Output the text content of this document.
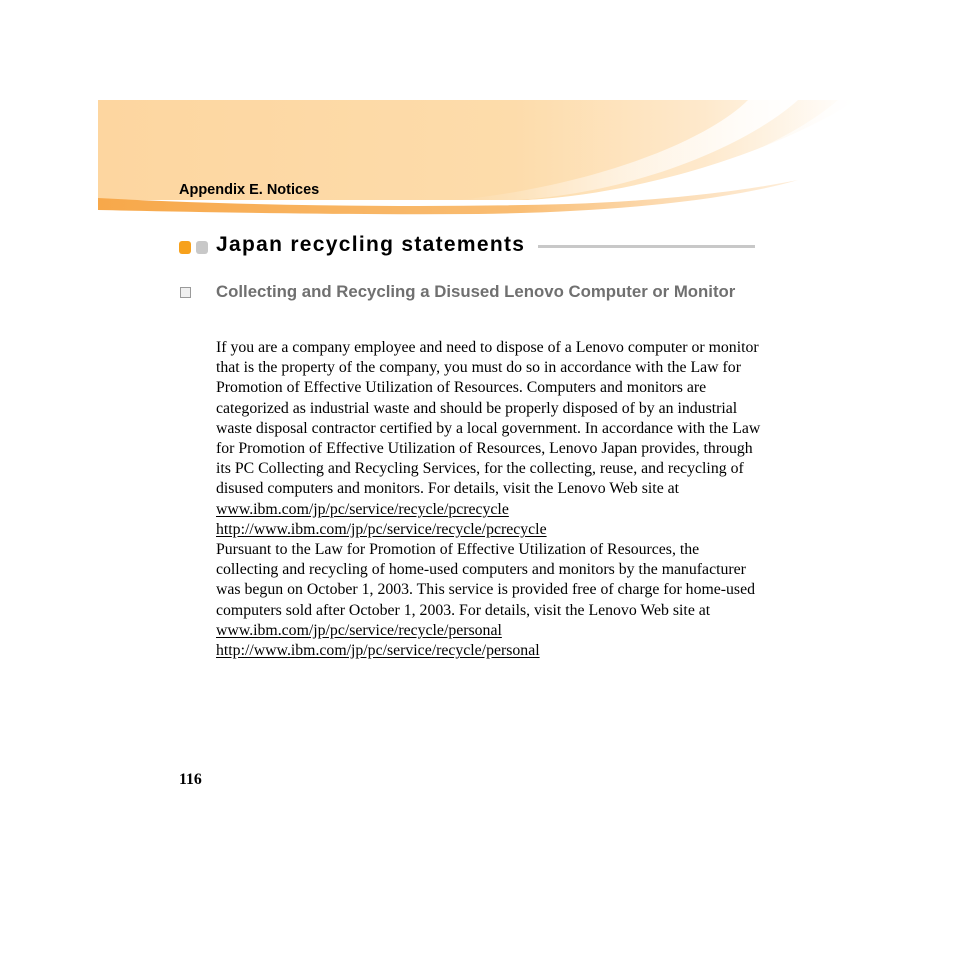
Appendix E. Notices
Japan recycling statements
Collecting and Recycling a Disused Lenovo Computer or Monitor

If you are a company employee and need to dispose of a Lenovo computer or monitor that is the property of the company, you must do so in accordance with the Law for Promotion of Effective Utilization of Resources. Computers and monitors are categorized as industrial waste and should be properly disposed of by an industrial waste disposal contractor certified by a local government. In accordance with the Law for Promotion of Effective Utilization of Resources, Lenovo Japan provides, through its PC Collecting and Recycling Services, for the collecting, reuse, and recycling of disused computers and monitors. For details, visit the Lenovo Web site at

www.ibm.com/jp/pc/service/recycle/pcrecycle

http://www.ibm.com/jp/pc/service/recycle/pcrecycle

Pursuant to the Law for Promotion of Effective Utilization of Resources, the collecting and recycling of home-used computers and monitors by the manufacturer was begun on October 1, 2003. This service is provided free of charge for home-used computers sold after October 1, 2003. For details, visit the Lenovo Web site at

www.ibm.com/jp/pc/service/recycle/personal

http://www.ibm.com/jp/pc/service/recycle/personal

116
